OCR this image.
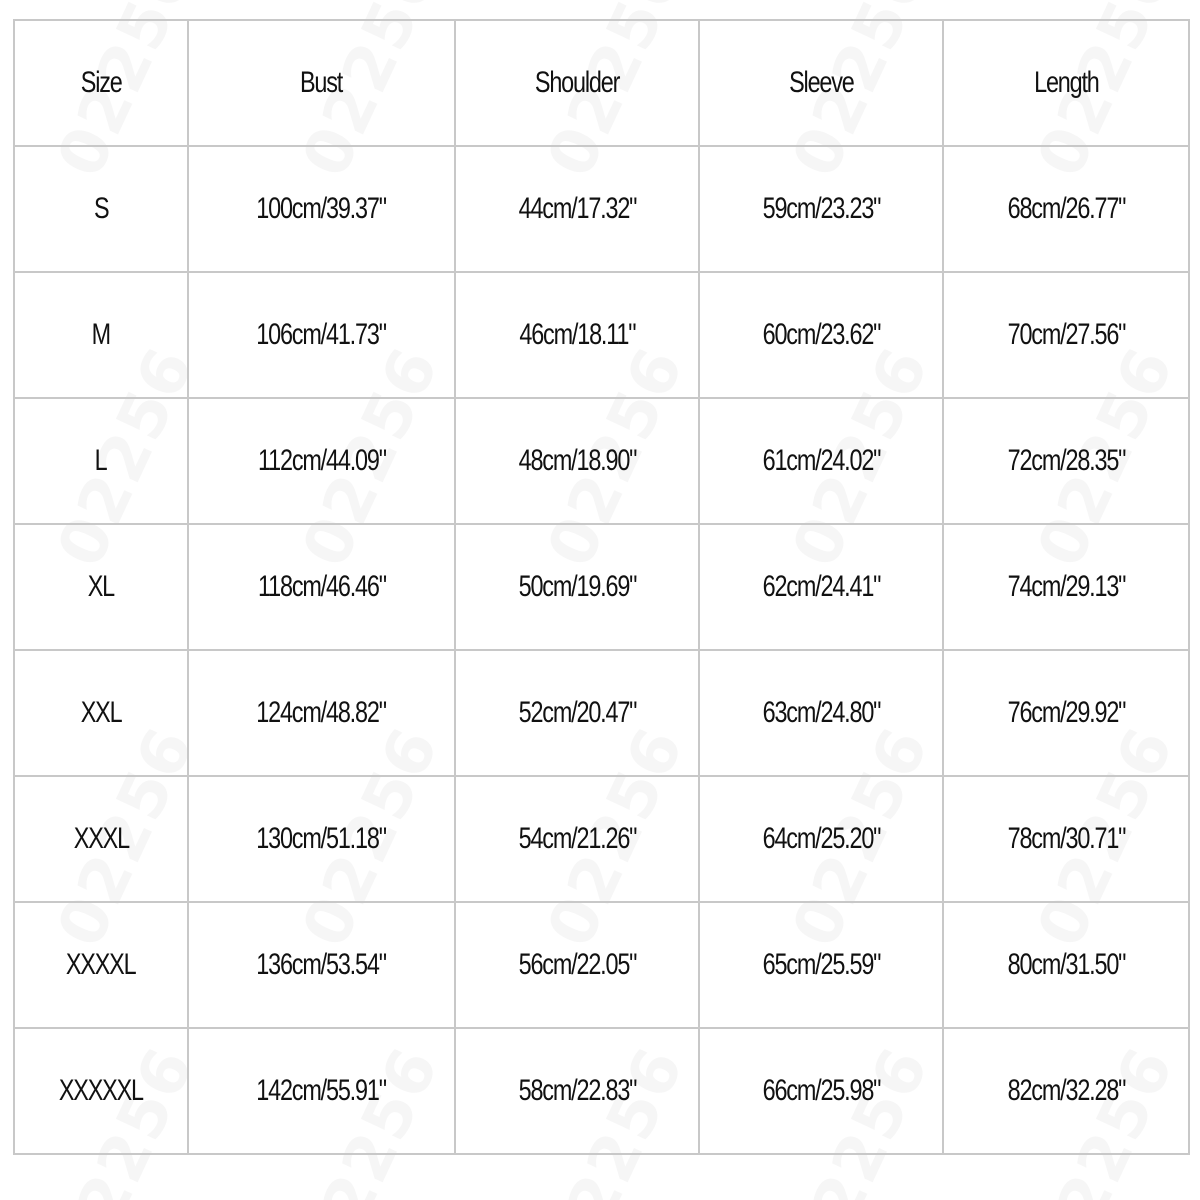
Size	Bust	Shoulder	Sleeve	Length
S	100cm/39.37"	44cm/17.32"	59cm/23.23"	68cm/26.77"
M	106cm/41.73"	46cm/18.11"	60cm/23.62"	70cm/27.56"
L	112cm/44.09"	48cm/18.90"	61cm/24.02"	72cm/28.35"
XL	118cm/46.46"	50cm/19.69"	62cm/24.41"	74cm/29.13"
XXL	124cm/48.82"	52cm/20.47"	63cm/24.80"	76cm/29.92"
XXXL	130cm/51.18"	54cm/21.26"	64cm/25.20"	78cm/30.71"
XXXXL	136cm/53.54"	56cm/22.05"	65cm/25.59"	80cm/31.50"
XXXXXL	142cm/55.91"	58cm/22.83"	66cm/25.98"	82cm/32.28"
